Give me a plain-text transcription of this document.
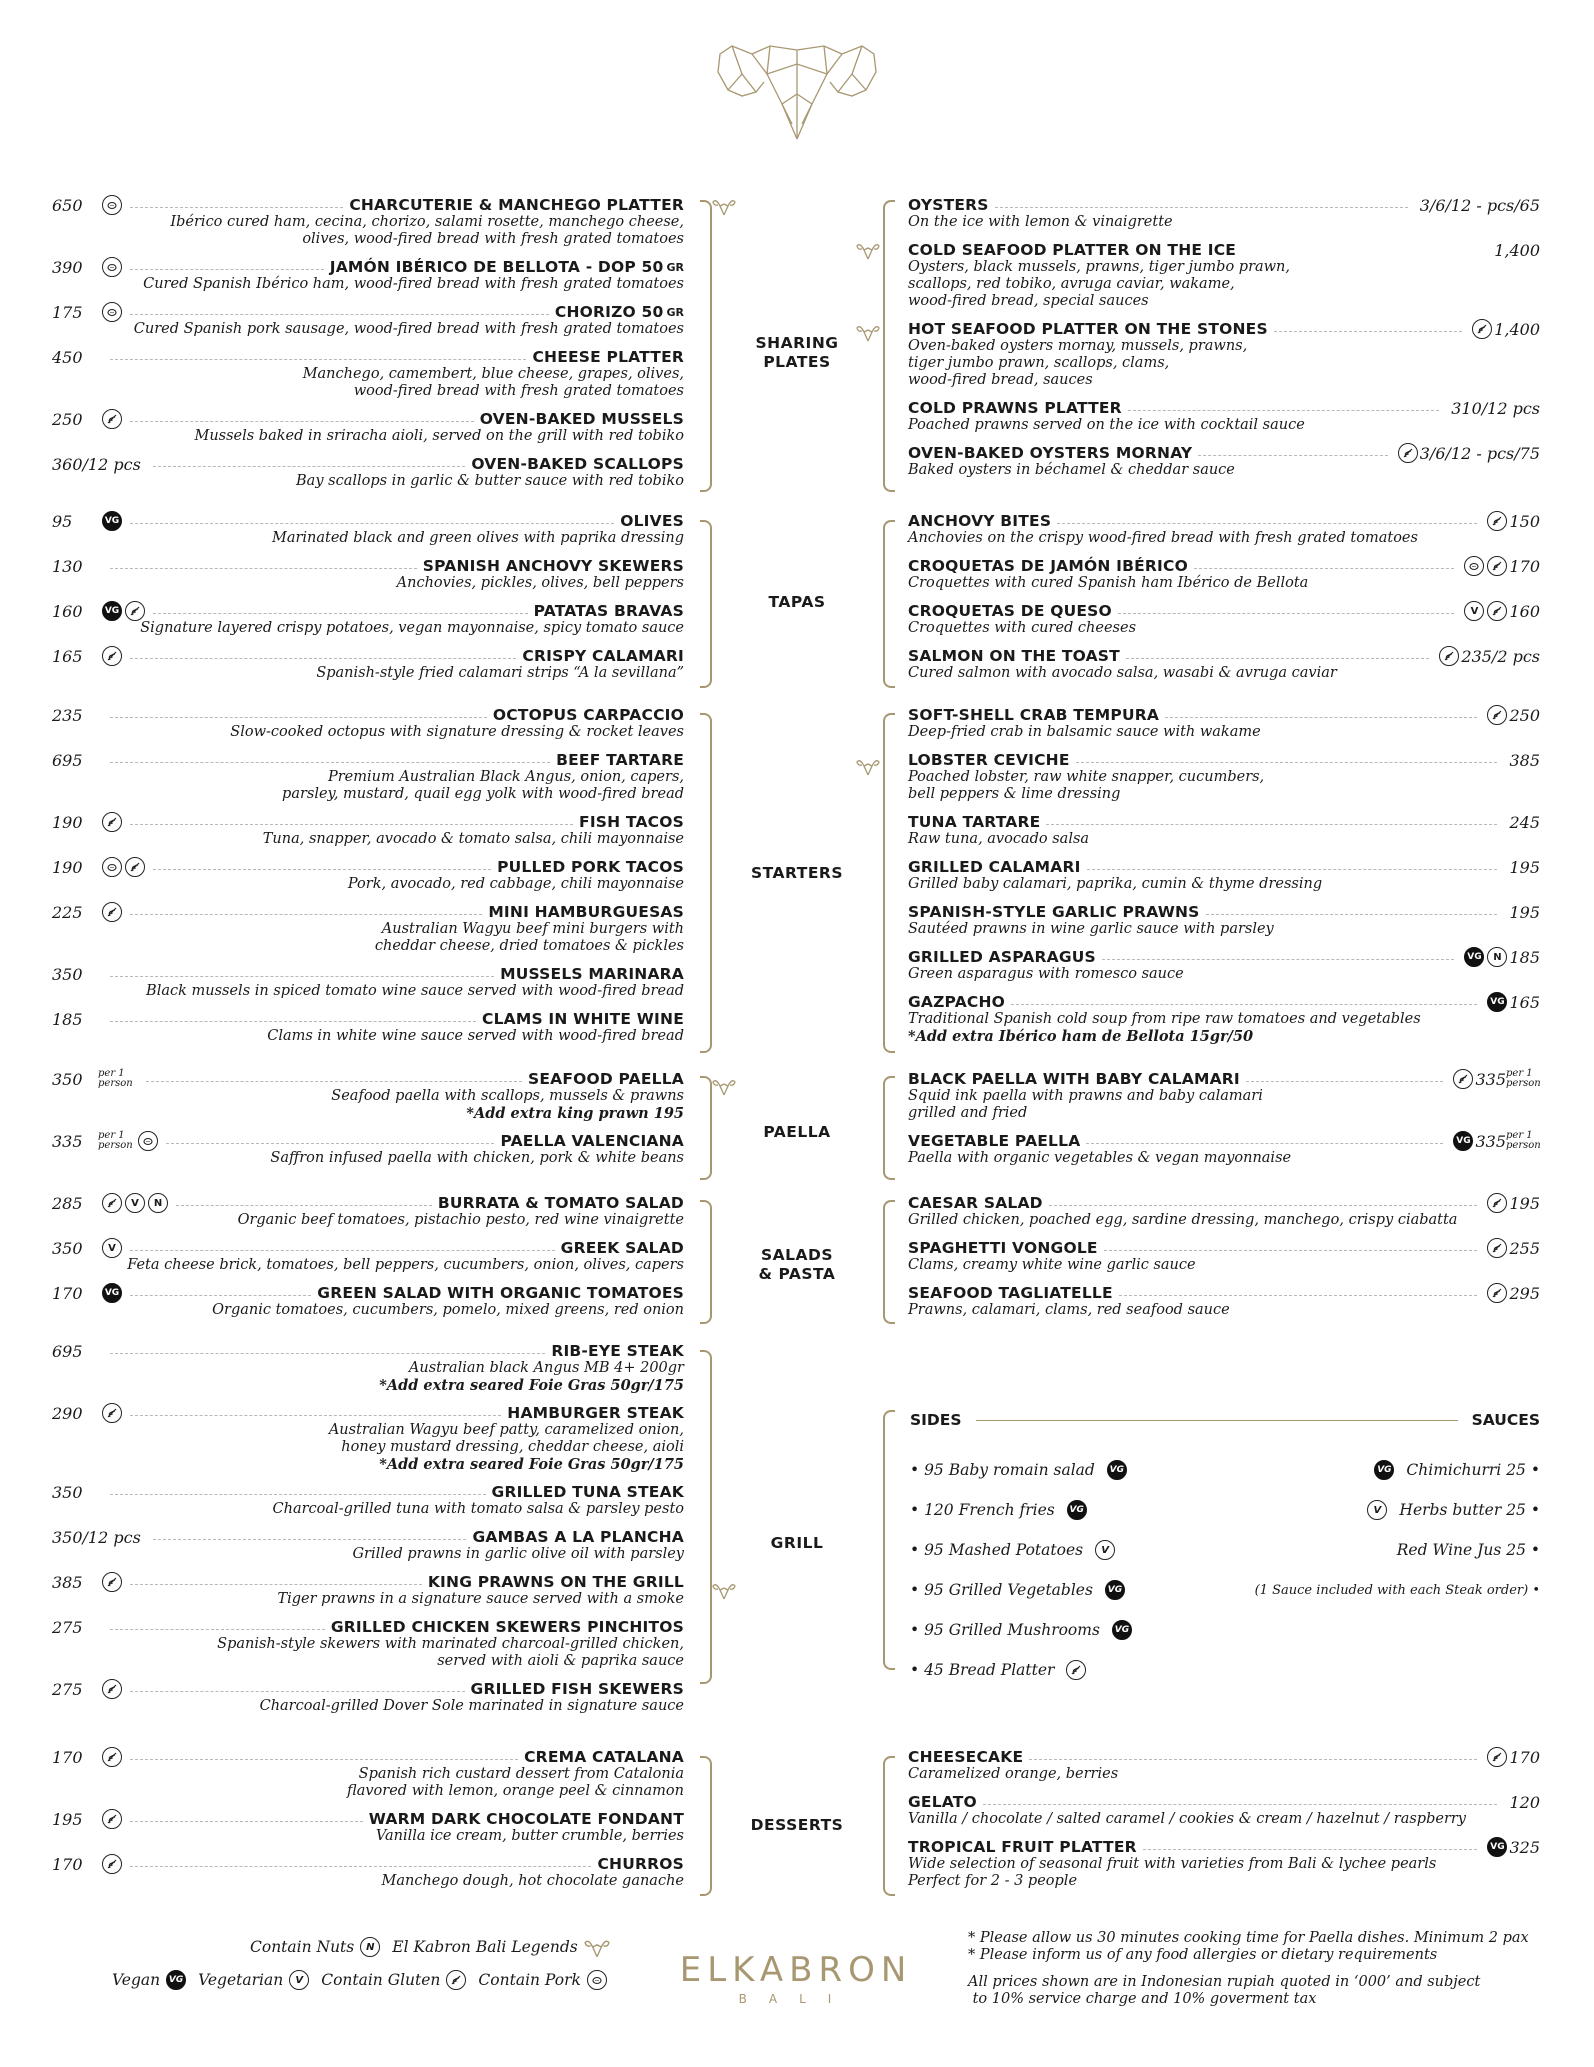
650	CHARCUTERIE & MANCHEGO PLATTER
Ibérico cured ham, cecina, chorizo, salami rosette, manchego cheese,
olives, wood-fired bread with fresh grated tomatoes
390	JAMÓN IBÉRICO DE BELLOTA - DOP 50 GR
Cured Spanish Ibérico ham, wood-fired bread with fresh grated tomatoes
175	CHORIZO 50 GR
Cured Spanish pork sausage, wood-fired bread with fresh grated tomatoes
450	CHEESE PLATTER
Manchego, camembert, blue cheese, grapes, olives,
wood-fired bread with fresh grated tomatoes
250	OVEN-BAKED MUSSELS
Mussels baked in sriracha aioli, served on the grill with red tobiko
360/12 pcs	OVEN-BAKED SCALLOPS
Bay scallops in garlic & butter sauce with red tobiko
95	VG	OLIVES
Marinated black and green olives with paprika dressing
130	SPANISH ANCHOVY SKEWERS
Anchovies, pickles, olives, bell peppers
160	VG	PATATAS BRAVAS
Signature layered crispy potatoes, vegan mayonnaise, spicy tomato sauce
165	CRISPY CALAMARI
Spanish-style fried calamari strips “A la sevillana”
235	OCTOPUS CARPACCIO
Slow-cooked octopus with signature dressing & rocket leaves
695	BEEF TARTARE
Premium Australian Black Angus, onion, capers,
parsley, mustard, quail egg yolk with wood-fired bread
190	FISH TACOS
Tuna, snapper, avocado & tomato salsa, chili mayonnaise
190	PULLED PORK TACOS
Pork, avocado, red cabbage, chili mayonnaise
225	MINI HAMBURGUESAS
Australian Wagyu beef mini burgers with
cheddar cheese, dried tomatoes & pickles
350	MUSSELS MARINARA
Black mussels in spiced tomato wine sauce served with wood-fired bread
185	CLAMS IN WHITE WINE
Clams in white wine sauce served with wood-fired bread
350	per 1 person	SEAFOOD PAELLA
Seafood paella with scallops, mussels & prawns
*Add extra king prawn 195
335	per 1 person	PAELLA VALENCIANA
Saffron infused paella with chicken, pork & white beans
285	V	N	BURRATA & TOMATO SALAD
Organic beef tomatoes, pistachio pesto, red wine vinaigrette
350	V	GREEK SALAD
Feta cheese brick, tomatoes, bell peppers, cucumbers, onion, olives, capers
170	VG	GREEN SALAD WITH ORGANIC TOMATOES
Organic tomatoes, cucumbers, pomelo, mixed greens, red onion
695	RIB-EYE STEAK
Australian black Angus MB 4+ 200gr
*Add extra seared Foie Gras 50gr/175
290	HAMBURGER STEAK
Australian Wagyu beef patty, caramelized onion,
honey mustard dressing, cheddar cheese, aioli
*Add extra seared Foie Gras 50gr/175
350	GRILLED TUNA STEAK
Charcoal-grilled tuna with tomato salsa & parsley pesto
350/12 pcs	GAMBAS A LA PLANCHA
Grilled prawns in garlic olive oil with parsley
385	KING PRAWNS ON THE GRILL
Tiger prawns in a signature sauce served with a smoke
275	GRILLED CHICKEN SKEWERS PINCHITOS
Spanish-style skewers with marinated charcoal-grilled chicken,
served with aioli & paprika sauce
275	GRILLED FISH SKEWERS
Charcoal-grilled Dover Sole marinated in signature sauce
170	CREMA CATALANA
Spanish rich custard dessert from Catalonia
flavored with lemon, orange peel & cinnamon
195	WARM DARK CHOCOLATE FONDANT
Vanilla ice cream, butter crumble, berries
170	CHURROS
Manchego dough, hot chocolate ganache
OYSTERS	3/6/12 - pcs/65
On the ice with lemon & vinaigrette
COLD SEAFOOD PLATTER ON THE ICE	1,400
Oysters, black mussels, prawns, tiger jumbo prawn,
scallops, red tobiko, avruga caviar, wakame,
wood-fired bread, special sauces
HOT SEAFOOD PLATTER ON THE STONES	1,400
Oven-baked oysters mornay, mussels, prawns,
tiger jumbo prawn, scallops, clams,
wood-fired bread, sauces
COLD PRAWNS PLATTER	310/12 pcs
Poached prawns served on the ice with cocktail sauce
OVEN-BAKED OYSTERS MORNAY	3/6/12 - pcs/75
Baked oysters in béchamel & cheddar sauce
ANCHOVY BITES	150
Anchovies on the crispy wood-fired bread with fresh grated tomatoes
CROQUETAS DE JAMÓN IBÉRICO	170
Croquettes with cured Spanish ham Ibérico de Bellota
CROQUETAS DE QUESO	V	160
Croquettes with cured cheeses
SALMON ON THE TOAST	235/2 pcs
Cured salmon with avocado salsa, wasabi & avruga caviar
SOFT-SHELL CRAB TEMPURA	250
Deep-fried crab in balsamic sauce with wakame
LOBSTER CEVICHE	385
Poached lobster, raw white snapper, cucumbers,
bell peppers & lime dressing
TUNA TARTARE	245
Raw tuna, avocado salsa
GRILLED CALAMARI	195
Grilled baby calamari, paprika, cumin & thyme dressing
SPANISH-STYLE GARLIC PRAWNS	195
Sautéed prawns in wine garlic sauce with parsley
GRILLED ASPARAGUS	VG	N 185
Green asparagus with romesco sauce
GAZPACHO	VG 165
Traditional Spanish cold soup from ripe raw tomatoes and vegetables
*Add extra Ibérico ham de Bellota 15gr/50
BLACK PAELLA WITH BABY CALAMARI	335 per 1 person
Squid ink paella with prawns and baby calamari
grilled and fried
VEGETABLE PAELLA	VG 335 per 1 person
Paella with organic vegetables & vegan mayonnaise
CAESAR SALAD	195
Grilled chicken, poached egg, sardine dressing, manchego, crispy ciabatta
SPAGHETTI VONGOLE	255
Clams, creamy white wine garlic sauce
SEAFOOD TAGLIATELLE	295
Prawns, calamari, clams, red seafood sauce
CHEESECAKE	170
Caramelized orange, berries
GELATO	120
Vanilla / chocolate / salted caramel / cookies & cream / hazelnut / raspberry
TROPICAL FRUIT PLATTER	VG 325
Wide selection of seasonal fruit with varieties from Bali & lychee pearls
Perfect for 2 - 3 people
SHARING
PLATES
TAPAS
STARTERS
PAELLA
SALADS
& PASTA
GRILL
DESSERTS
SIDES	SAUCES
• 95 Baby romain salad	VG
• 120 French fries	VG
• 95 Mashed Potatoes	V
• 95 Grilled Vegetables	VG
• 95 Grilled Mushrooms	VG
• 45 Bread Platter
VG Chimichurri 25 •
V	Herbs butter 25 •
Red Wine Jus 25 •
(1 Sauce included with each Steak order) •
Contain Nuts	N	El Kabron Bali Legends
Vegan VG Vegetarian	V	Contain Gluten Contain Pork	ELKABRON
BALI
* Please allow us 30 minutes cooking time for Paella dishes. Minimum 2 pax
* Please inform us of any food allergies or dietary requirements
All prices shown are in Indonesian rupiah quoted in ‘000’ and subject
to 10% service charge and 10% goverment tax
